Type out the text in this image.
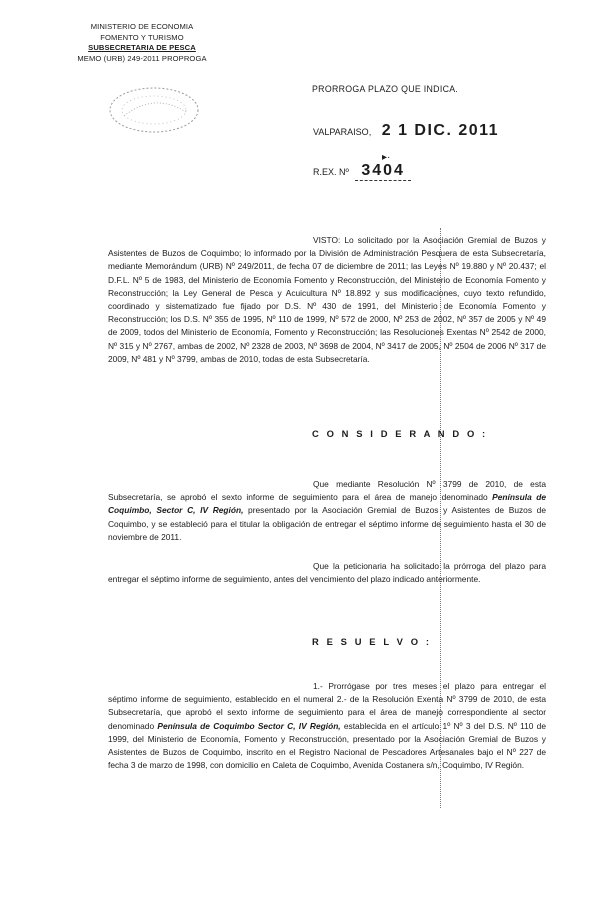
MINISTERIO DE ECONOMIA
FOMENTO Y TURISMO
SUBSECRETARIA DE PESCA
MEMO (URB) 249-2011 PROPROGA
PRORROGA PLAZO QUE INDICA.
VALPARAISO, 2 1 DIC. 2011
▸·
R.EX. Nº 3404

VISTO: Lo solicitado por la Asociación Gremial de Buzos y Asistentes de Buzos de Coquimbo; lo informado por la División de Administración Pesquera de esta Subsecretaría, mediante Memorándum (URB) Nº 249/2011, de fecha 07 de diciembre de 2011; las Leyes Nº 19.880 y Nº 20.437; el D.F.L. Nº 5 de 1983, del Ministerio de Economía Fomento y Reconstrucción, del Ministerio de Economía Fomento y Reconstrucción; la Ley General de Pesca y Acuicultura Nº 18.892 y sus modificaciones, cuyo texto refundido, coordinado y sistematizado fue fijado por D.S. Nº 430 de 1991, del Ministerio de Economía Fomento y Reconstrucción; los D.S. Nº 355 de 1995, Nº 110 de 1999, Nº 572 de 2000, Nº 253 de 2002, Nº 357 de 2005 y Nº 49 de 2009, todos del Ministerio de Economía, Fomento y Reconstrucción; las Resoluciones Exentas Nº 2542 de 2000, Nº 315 y Nº 2767, ambas de 2002, Nº 2328 de 2003, Nº 3698 de 2004, Nº 3417 de 2005, Nº 2504 de 2006 Nº 317 de 2009, Nº 481 y Nº 3799, ambas de 2010, todas de esta Subsecretaría.

C O N S I D E R A N D O :

Que mediante Resolución Nº 3799 de 2010, de esta Subsecretaría, se aprobó el sexto informe de seguimiento para el área de manejo denominado Península de Coquimbo, Sector C, IV Región, presentado por la Asociación Gremial de Buzos y Asistentes de Buzos de Coquimbo, y se estableció para el titular la obligación de entregar el séptimo informe de seguimiento hasta el 30 de noviembre de 2011.

Que la peticionaria ha solicitado la prórroga del plazo para entregar el séptimo informe de seguimiento, antes del vencimiento del plazo indicado anteriormente.

R E S U E L V O :

1.- Prorrógase por tres meses el plazo para entregar el séptimo informe de seguimiento, establecido en el numeral 2.- de la Resolución Exenta Nº 3799 de 2010, de esta Subsecretaría, que aprobó el sexto informe de seguimiento para el área de manejo correspondiente al sector denominado Península de Coquimbo Sector C, IV Región, establecida en el artículo 1º Nº 3 del D.S. Nº 110 de 1999, del Ministerio de Economía, Fomento y Reconstrucción, presentado por la Asociación Gremial de Buzos y Asistentes de Buzos de Coquimbo, inscrito en el Registro Nacional de Pescadores Artesanales bajo el Nº 227 de fecha 3 de marzo de 1998, con domicilio en Caleta de Coquimbo, Avenida Costanera s/n, Coquimbo, IV Región.
